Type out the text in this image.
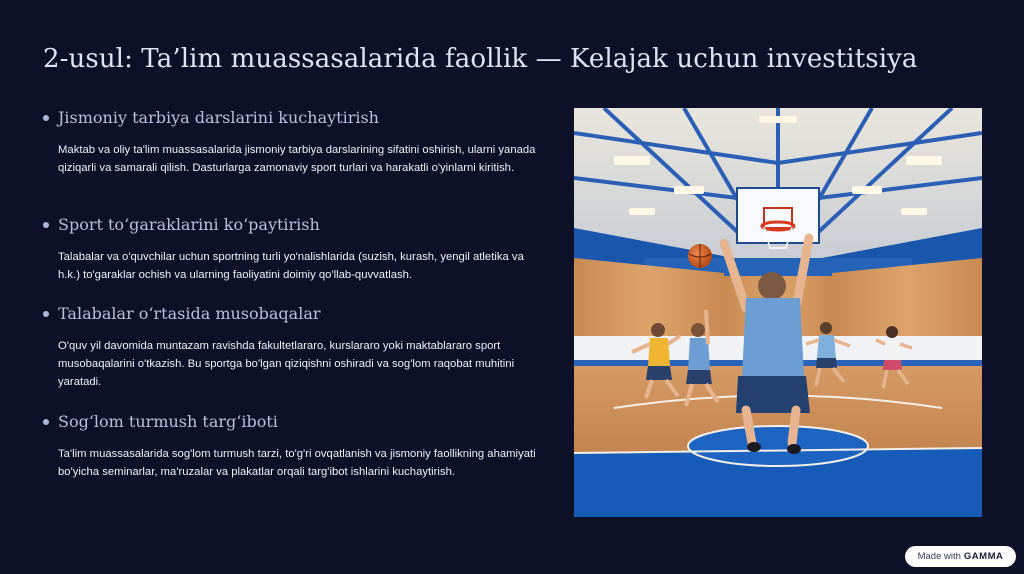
2-usul: Ta’lim muassasalarida faollik — Kelajak uchun investitsiya
Jismoniy tarbiya darslarini kuchaytirish

Maktab va oliy ta'lim muassasalarida jismoniy tarbiya darslarining sifatini oshirish, ularni yanada qiziqarli va samarali qilish. Dasturlarga zamonaviy sport turlari va harakatli o'yinlarni kiritish.

Sport to‘garaklarini ko‘paytirish

Talabalar va o'quvchilar uchun sportning turli yo'nalishlarida (suzish, kurash, yengil atletika va h.k.) to'garaklar ochish va ularning faoliyatini doimiy qo'llab-quvvatlash.

Talabalar o‘rtasida musobaqalar

O'quv yil davomida muntazam ravishda fakultetlararo, kurslararo yoki maktablararo sport musobaqalarini o'tkazish. Bu sportga bo'lgan qiziqishni oshiradi va sog'lom raqobat muhitini yaratadi.

Sog‘lom turmush targ‘iboti

Ta'lim muassasalarida sog'lom turmush tarzi, to'g'ri ovqatlanish va jismoniy faollikning ahamiyati bo'yicha seminarlar, ma'ruzalar va plakatlar orqali targ'ibot ishlarini kuchaytirish.

Made with GAMMA
